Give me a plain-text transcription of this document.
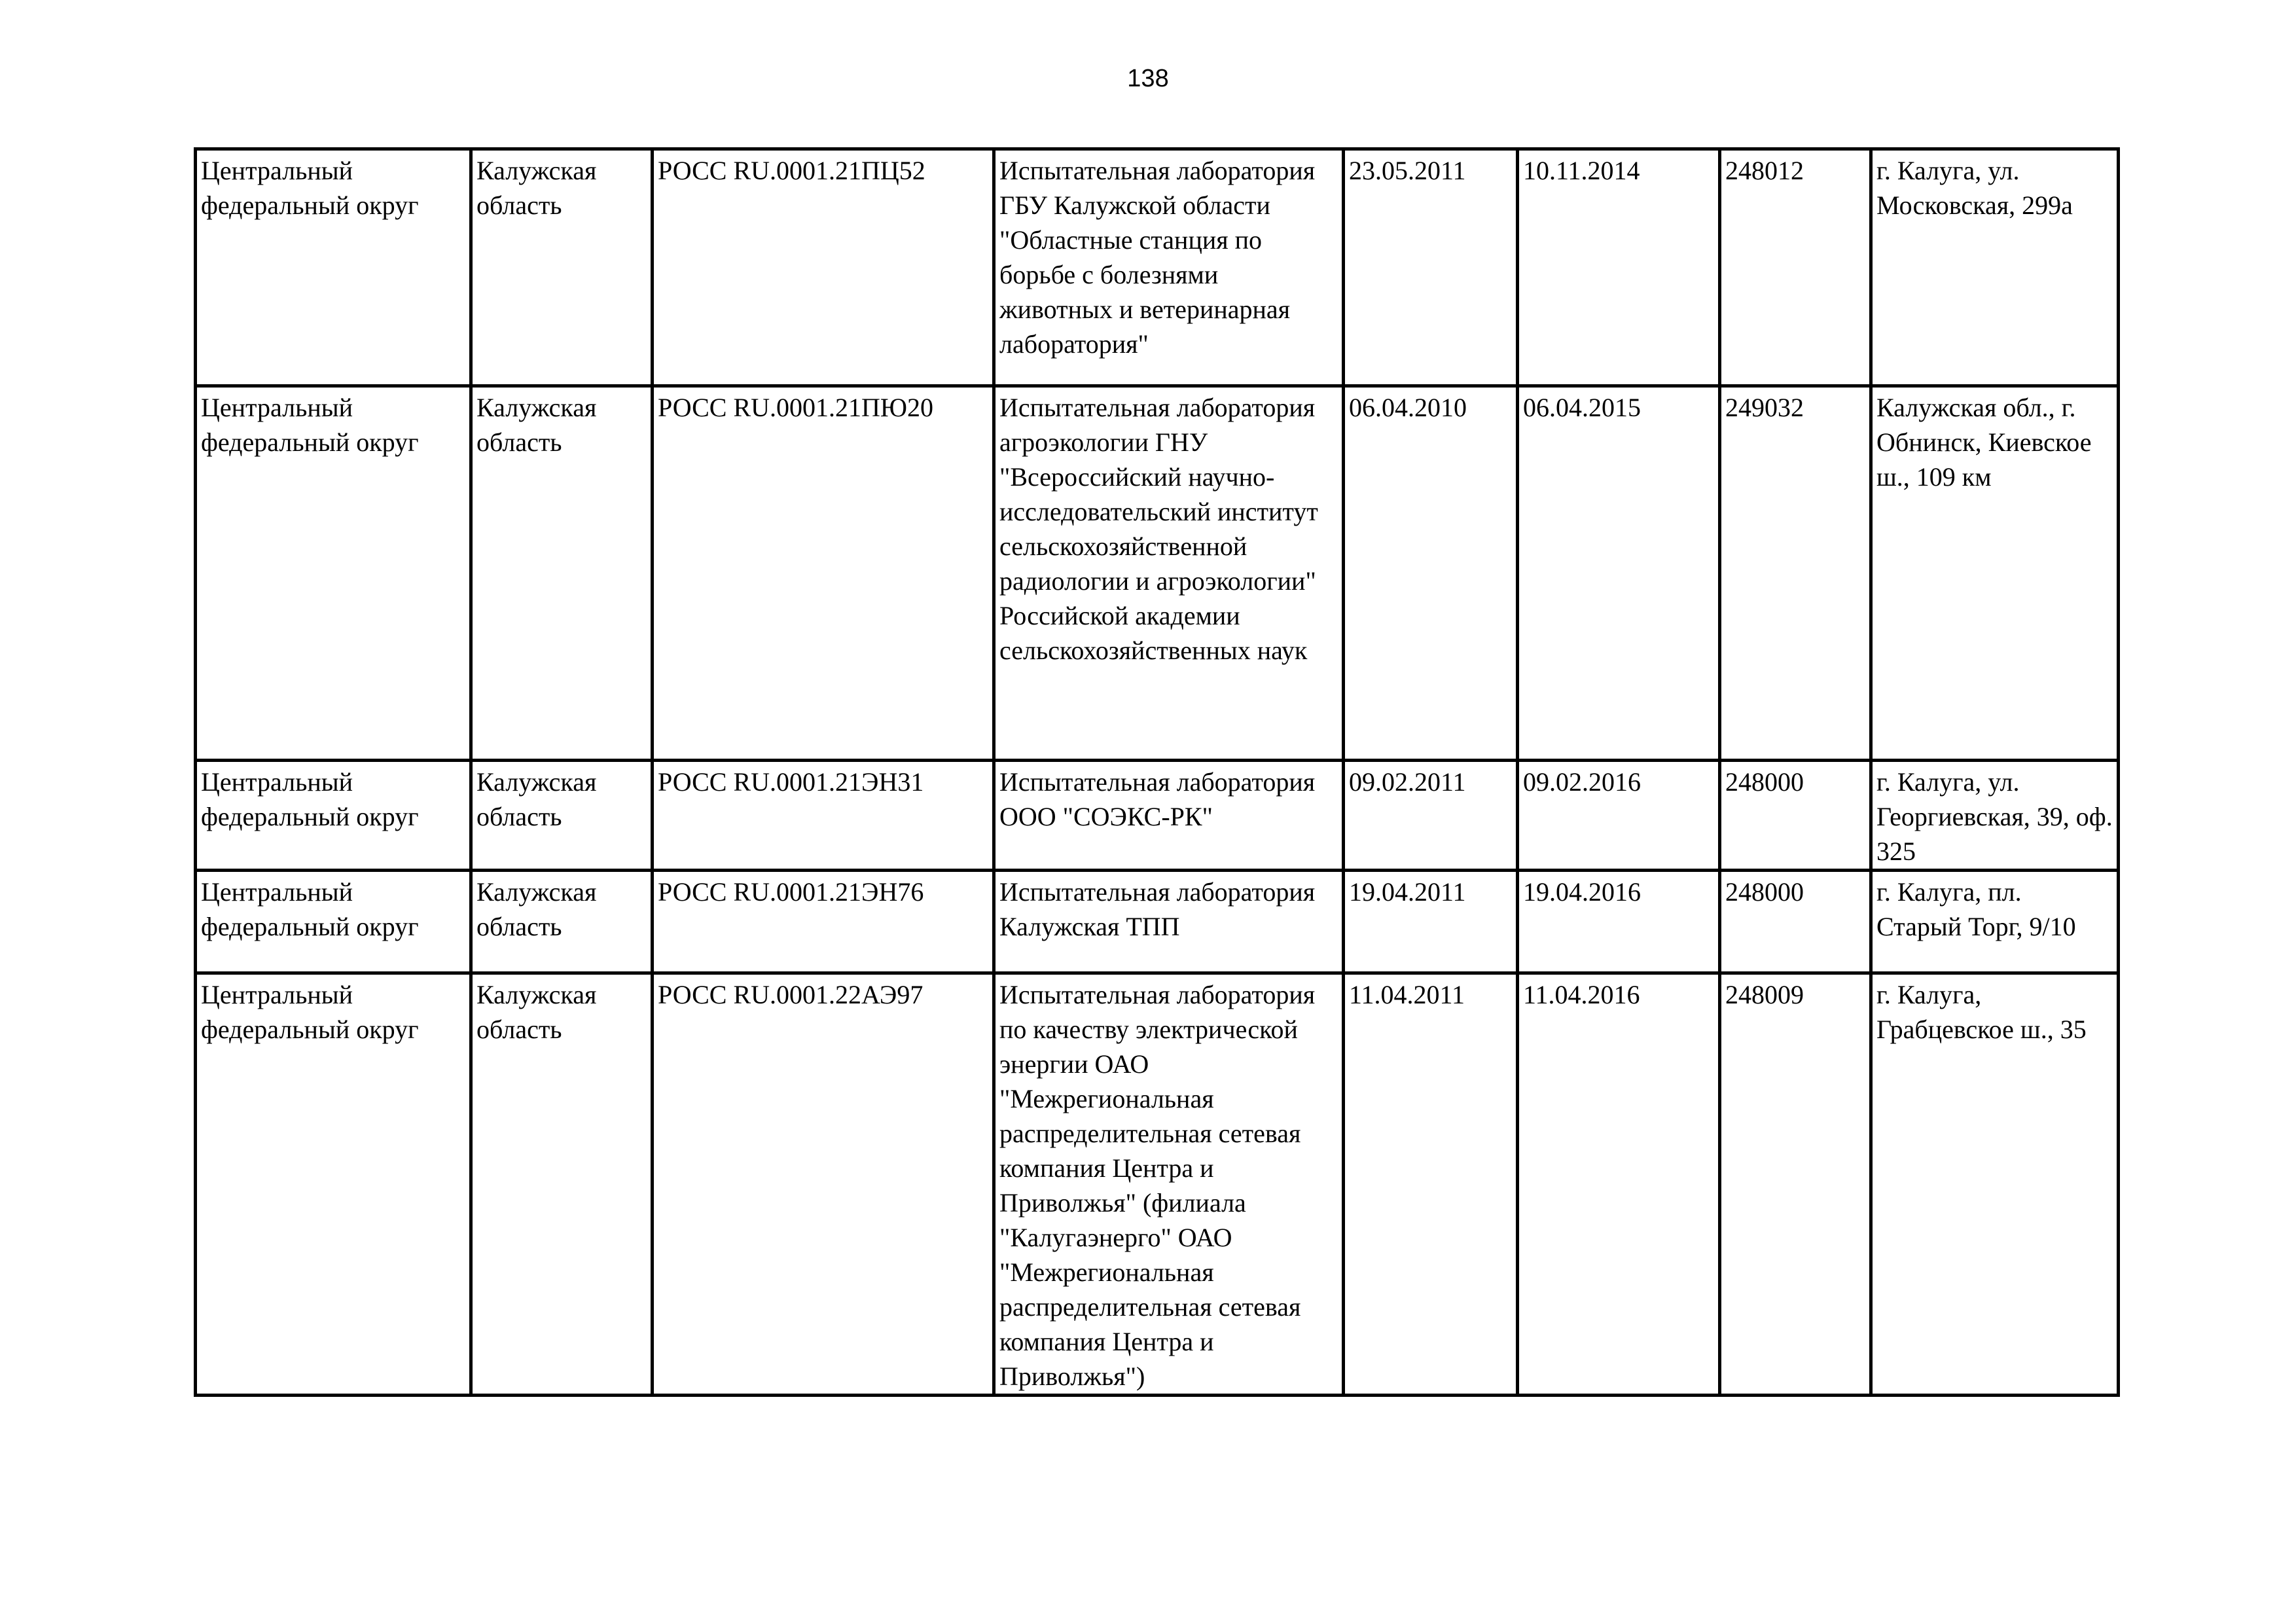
138
Центральный федеральный округ	Калужская область	РОСС RU.0001.21ПЦ52	Испытательная лаборатория ГБУ Калужской области "Областные станция по борьбе с болезнями животных и ветеринарная лаборатория"	23.05.2011	10.11.2014	248012	г. Калуга, ул. Московская, 299а

Центральный федеральный округ	Калужская область	РОСС RU.0001.21ПЮ20	Испытательная лаборатория агроэкологии ГНУ "Всероссийский научно-исследовательский институт сельскохозяйственной радиологии и агроэкологии" Российской академии сельскохозяйственных наук	06.04.2010	06.04.2015	249032	Калужская обл., г. Обнинск, Киевское ш., 109 км

Центральный федеральный округ	Калужская область	РОСС RU.0001.21ЭН31	Испытательная лаборатория ООО "СОЭКС-РК"	09.02.2011	09.02.2016	248000	г. Калуга, ул. Георгиевская, 39, оф. 325

Центральный федеральный округ	Калужская область	РОСС RU.0001.21ЭН76	Испытательная лаборатория Калужская ТПП	19.04.2011	19.04.2016	248000	г. Калуга, пл. Старый Торг, 9/10

Центральный федеральный округ	Калужская область	РОСС RU.0001.22АЭ97	Испытательная лаборатория по качеству электрической энергии ОАО "Межрегиональная распределительная сетевая компания Центра и Приволжья" (филиала "Калугаэнерго" ОАО "Межрегиональная распределительная сетевая компания Центра и Приволжья")	11.04.2011	11.04.2016	248009	г. Калуга, Грабцевское ш., 35
